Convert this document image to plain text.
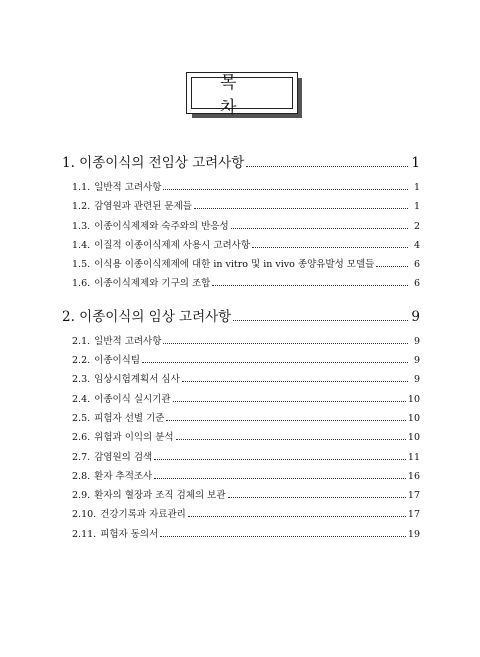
목 차
1. 이종이식의 전임상 고려사항	1
1.1. 일반적 고려사항	1
1.2. 감염원과 관련된 문제들	1
1.3. 이종이식제제와 숙주와의 반응성	2
1.4. 이질적 이종이식제제 사용시 고려사항	4
1.5. 이식용 이종이식제제에 대한 in vitro 및 in vivo 종양유발성 모델들	6
1.6. 이종이식제제와 기구의 조합	6
2. 이종이식의 임상 고려사항	9
2.1. 일반적 고려사항	9
2.2. 이종이식팀	9
2.3. 임상시험계획서 심사	9
2.4. 이종이식 실시기관	10
2.5. 피험자 선별 기준	10
2.6. 위험과 이익의 분석	10
2.7. 감염원의 검색	11
2.8. 환자 추적조사	16
2.9. 환자의 혈장과 조직 검체의 보관	17
2.10. 건강기록과 자료관리	17
2.11. 피험자 동의서	19
